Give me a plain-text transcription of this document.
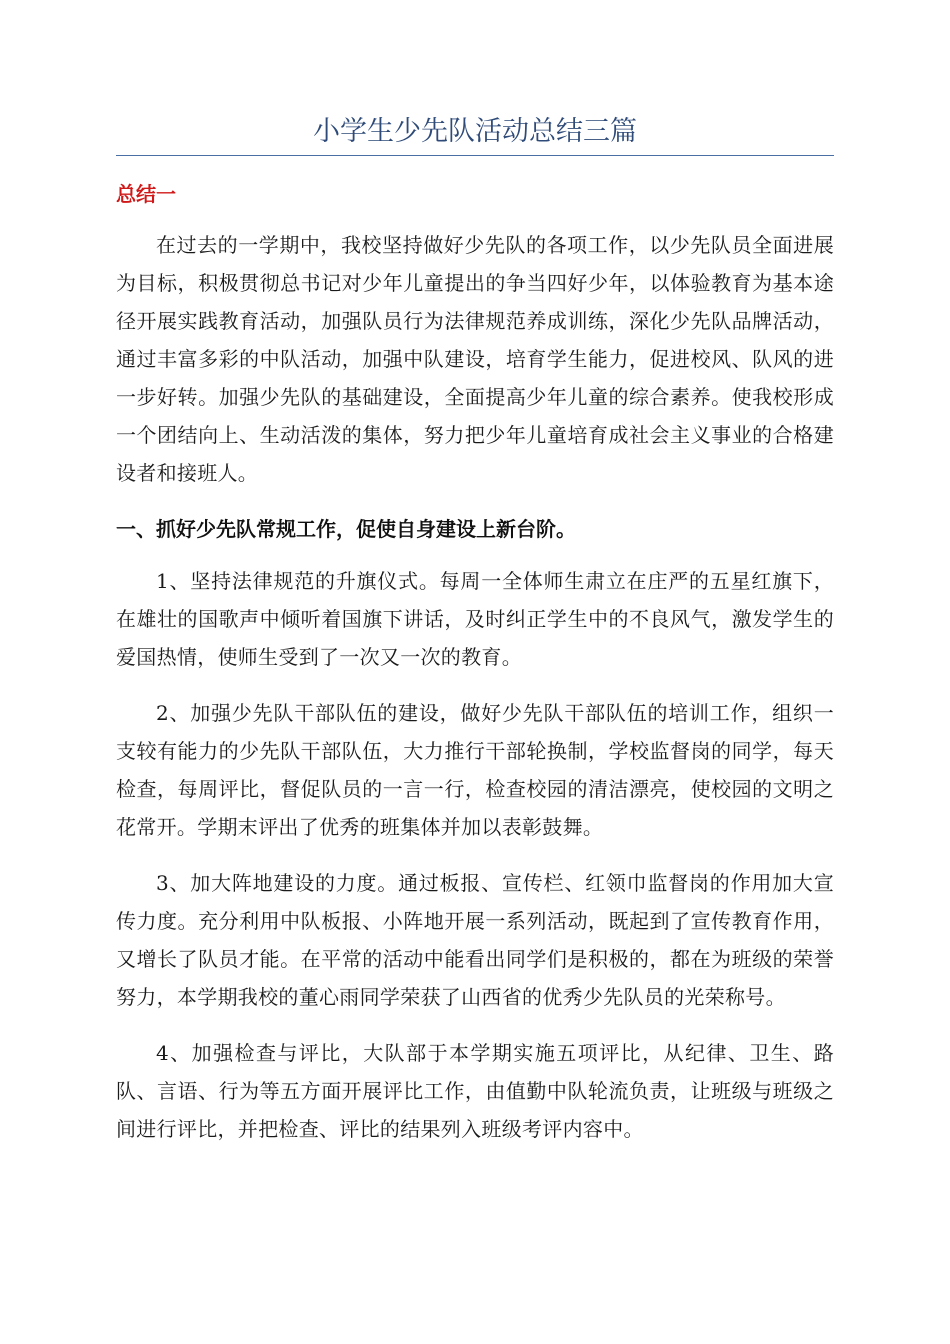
小学生少先队活动总结三篇
总结一

在过去的一学期中，我校坚持做好少先队的各项工作，以少先队员全面进展为目标，积极贯彻总书记对少年儿童提出的争当四好少年，以体验教育为基本途径开展实践教育活动，加强队员行为法律规范养成训练，深化少先队品牌活动，通过丰富多彩的中队活动，加强中队建设，培育学生能力，促进校风、队风的进一步好转。加强少先队的基础建设，全面提高少年儿童的综合素养。使我校形成一个团结向上、生动活泼的集体，努力把少年儿童培育成社会主义事业的合格建设者和接班人。

一、抓好少先队常规工作，促使自身建设上新台阶。

1、坚持法律规范的升旗仪式。每周一全体师生肃立在庄严的五星红旗下，在雄壮的国歌声中倾听着国旗下讲话，及时纠正学生中的不良风气，激发学生的爱国热情，使师生受到了一次又一次的教育。

2、加强少先队干部队伍的建设，做好少先队干部队伍的培训工作，组织一支较有能力的少先队干部队伍，大力推行干部轮换制，学校监督岗的同学，每天检查，每周评比，督促队员的一言一行，检查校园的清洁漂亮，使校园的文明之花常开。学期末评出了优秀的班集体并加以表彰鼓舞。

3、加大阵地建设的力度。通过板报、宣传栏、红领巾监督岗的作用加大宣传力度。充分利用中队板报、小阵地开展一系列活动，既起到了宣传教育作用，又增长了队员才能。在平常的活动中能看出同学们是积极的，都在为班级的荣誉努力，本学期我校的董心雨同学荣获了山西省的优秀少先队员的光荣称号。

4、加强检查与评比，大队部于本学期实施五项评比，从纪律、卫生、路队、言语、行为等五方面开展评比工作，由值勤中队轮流负责，让班级与班级之间进行评比，并把检查、评比的结果列入班级考评内容中。
